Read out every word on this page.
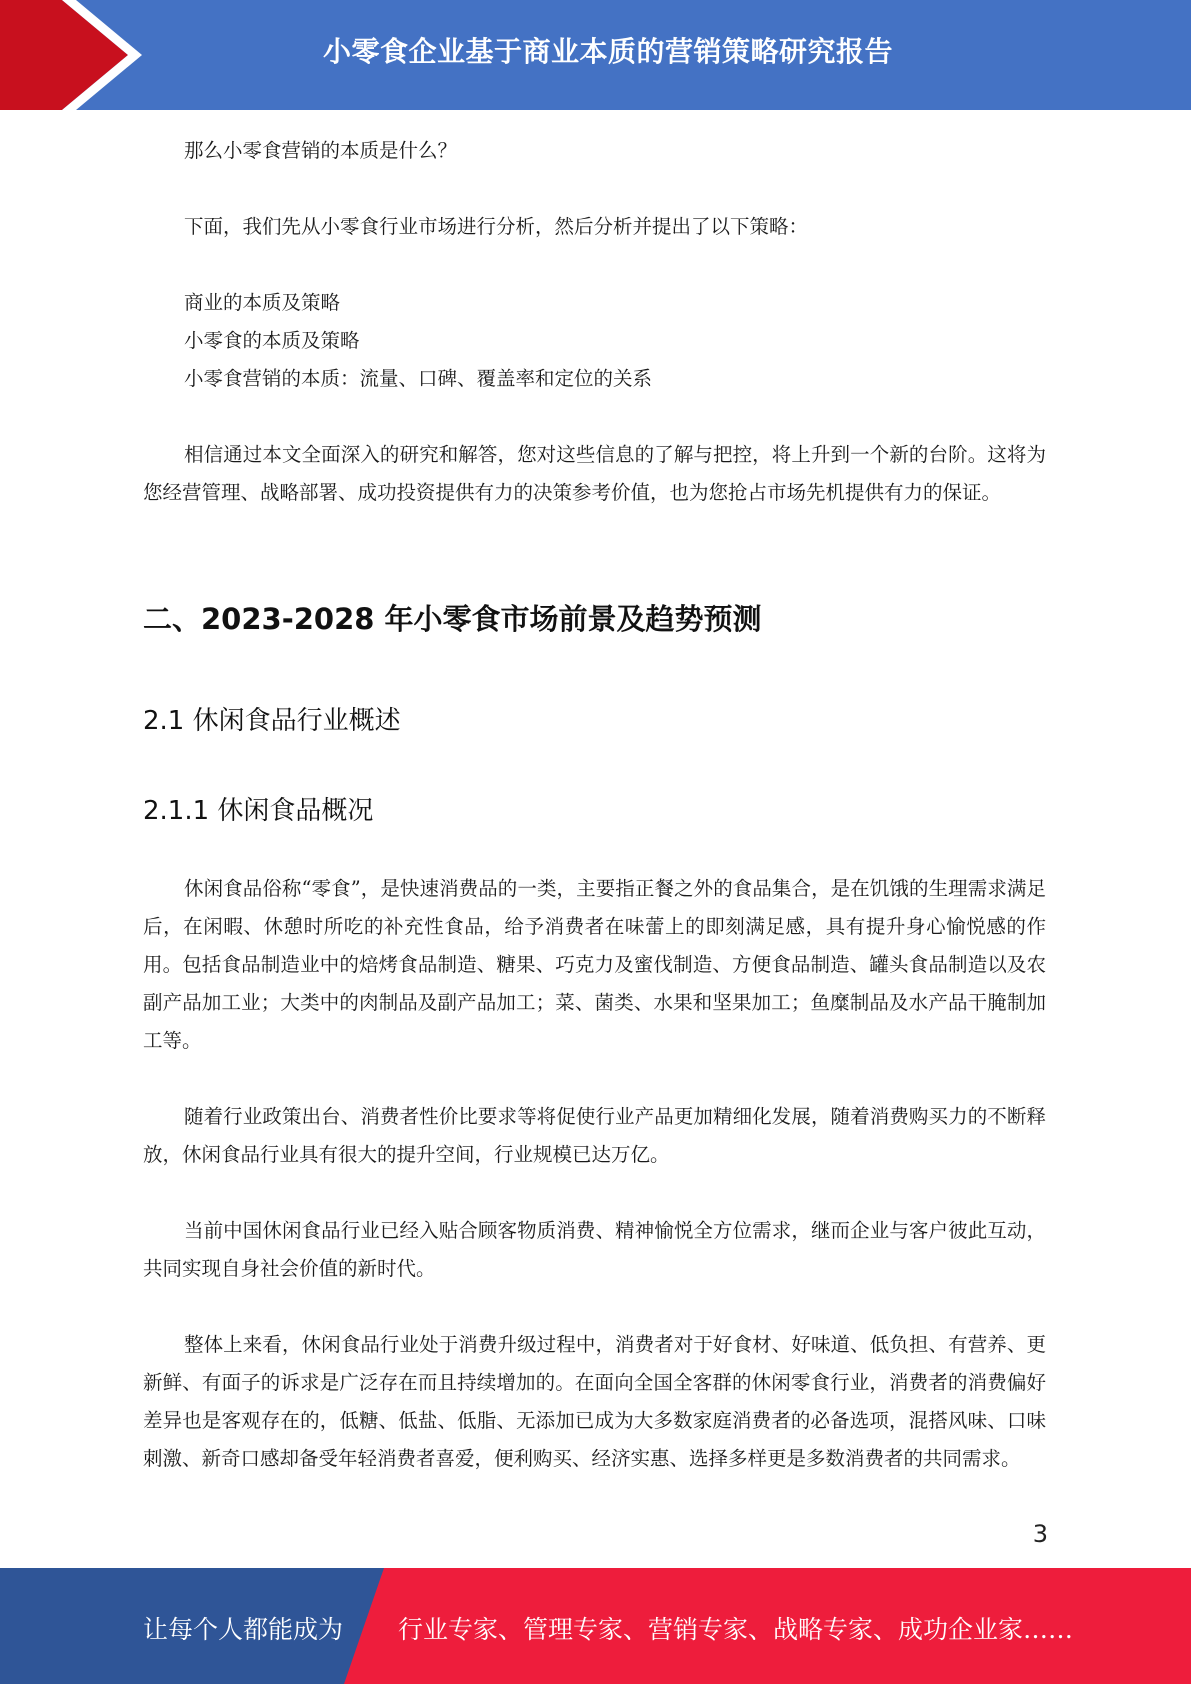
小零食企业基于商业本质的营销策略研究报告

那么小零食营销的本质是什么？

下面，我们先从小零食行业市场进行分析，然后分析并提出了以下策略：

商业的本质及策略

小零食的本质及策略

小零食营销的本质：流量、口碑、覆盖率和定位的关系

相信通过本文全面深入的研究和解答，您对这些信息的了解与把控，将上升到一个新的台阶。这将为您经营管理、战略部署、成功投资提供有力的决策参考价值，也为您抢占市场先机提供有力的保证。

二、2023-2028 年小零食市场前景及趋势预测
2.1 休闲食品行业概述
2.1.1 休闲食品概况

休闲食品俗称“零食”，是快速消费品的一类，主要指正餐之外的食品集合，是在饥饿的生理需求满足后，在闲暇、休憩时所吃的补充性食品，给予消费者在味蕾上的即刻满足感，具有提升身心愉悦感的作用。包括食品制造业中的焙烤食品制造、糖果、巧克力及蜜伐制造、方便食品制造、罐头食品制造以及农副产品加工业；大类中的肉制品及副产品加工；菜、菌类、水果和坚果加工；鱼糜制品及水产品干腌制加工等。

随着行业政策出台、消费者性价比要求等将促使行业产品更加精细化发展，随着消费购买力的不断释放，休闲食品行业具有很大的提升空间，行业规模已达万亿。

当前中国休闲食品行业已经入贴合顾客物质消费、精神愉悦全方位需求，继而企业与客户彼此互动，共同实现自身社会价值的新时代。

整体上来看，休闲食品行业处于消费升级过程中，消费者对于好食材、好味道、低负担、有营养、更新鲜、有面子的诉求是广泛存在而且持续增加的。在面向全国全客群的休闲零食行业，消费者的消费偏好差异也是客观存在的，低糖、低盐、低脂、无添加已成为大多数家庭消费者的必备选项，混搭风味、口味刺激、新奇口感却备受年轻消费者喜爱，便利购买、经济实惠、选择多样更是多数消费者的共同需求。

3
让每个人都能成为 行业专家、管理专家、营销专家、战略专家、成功企业家……
